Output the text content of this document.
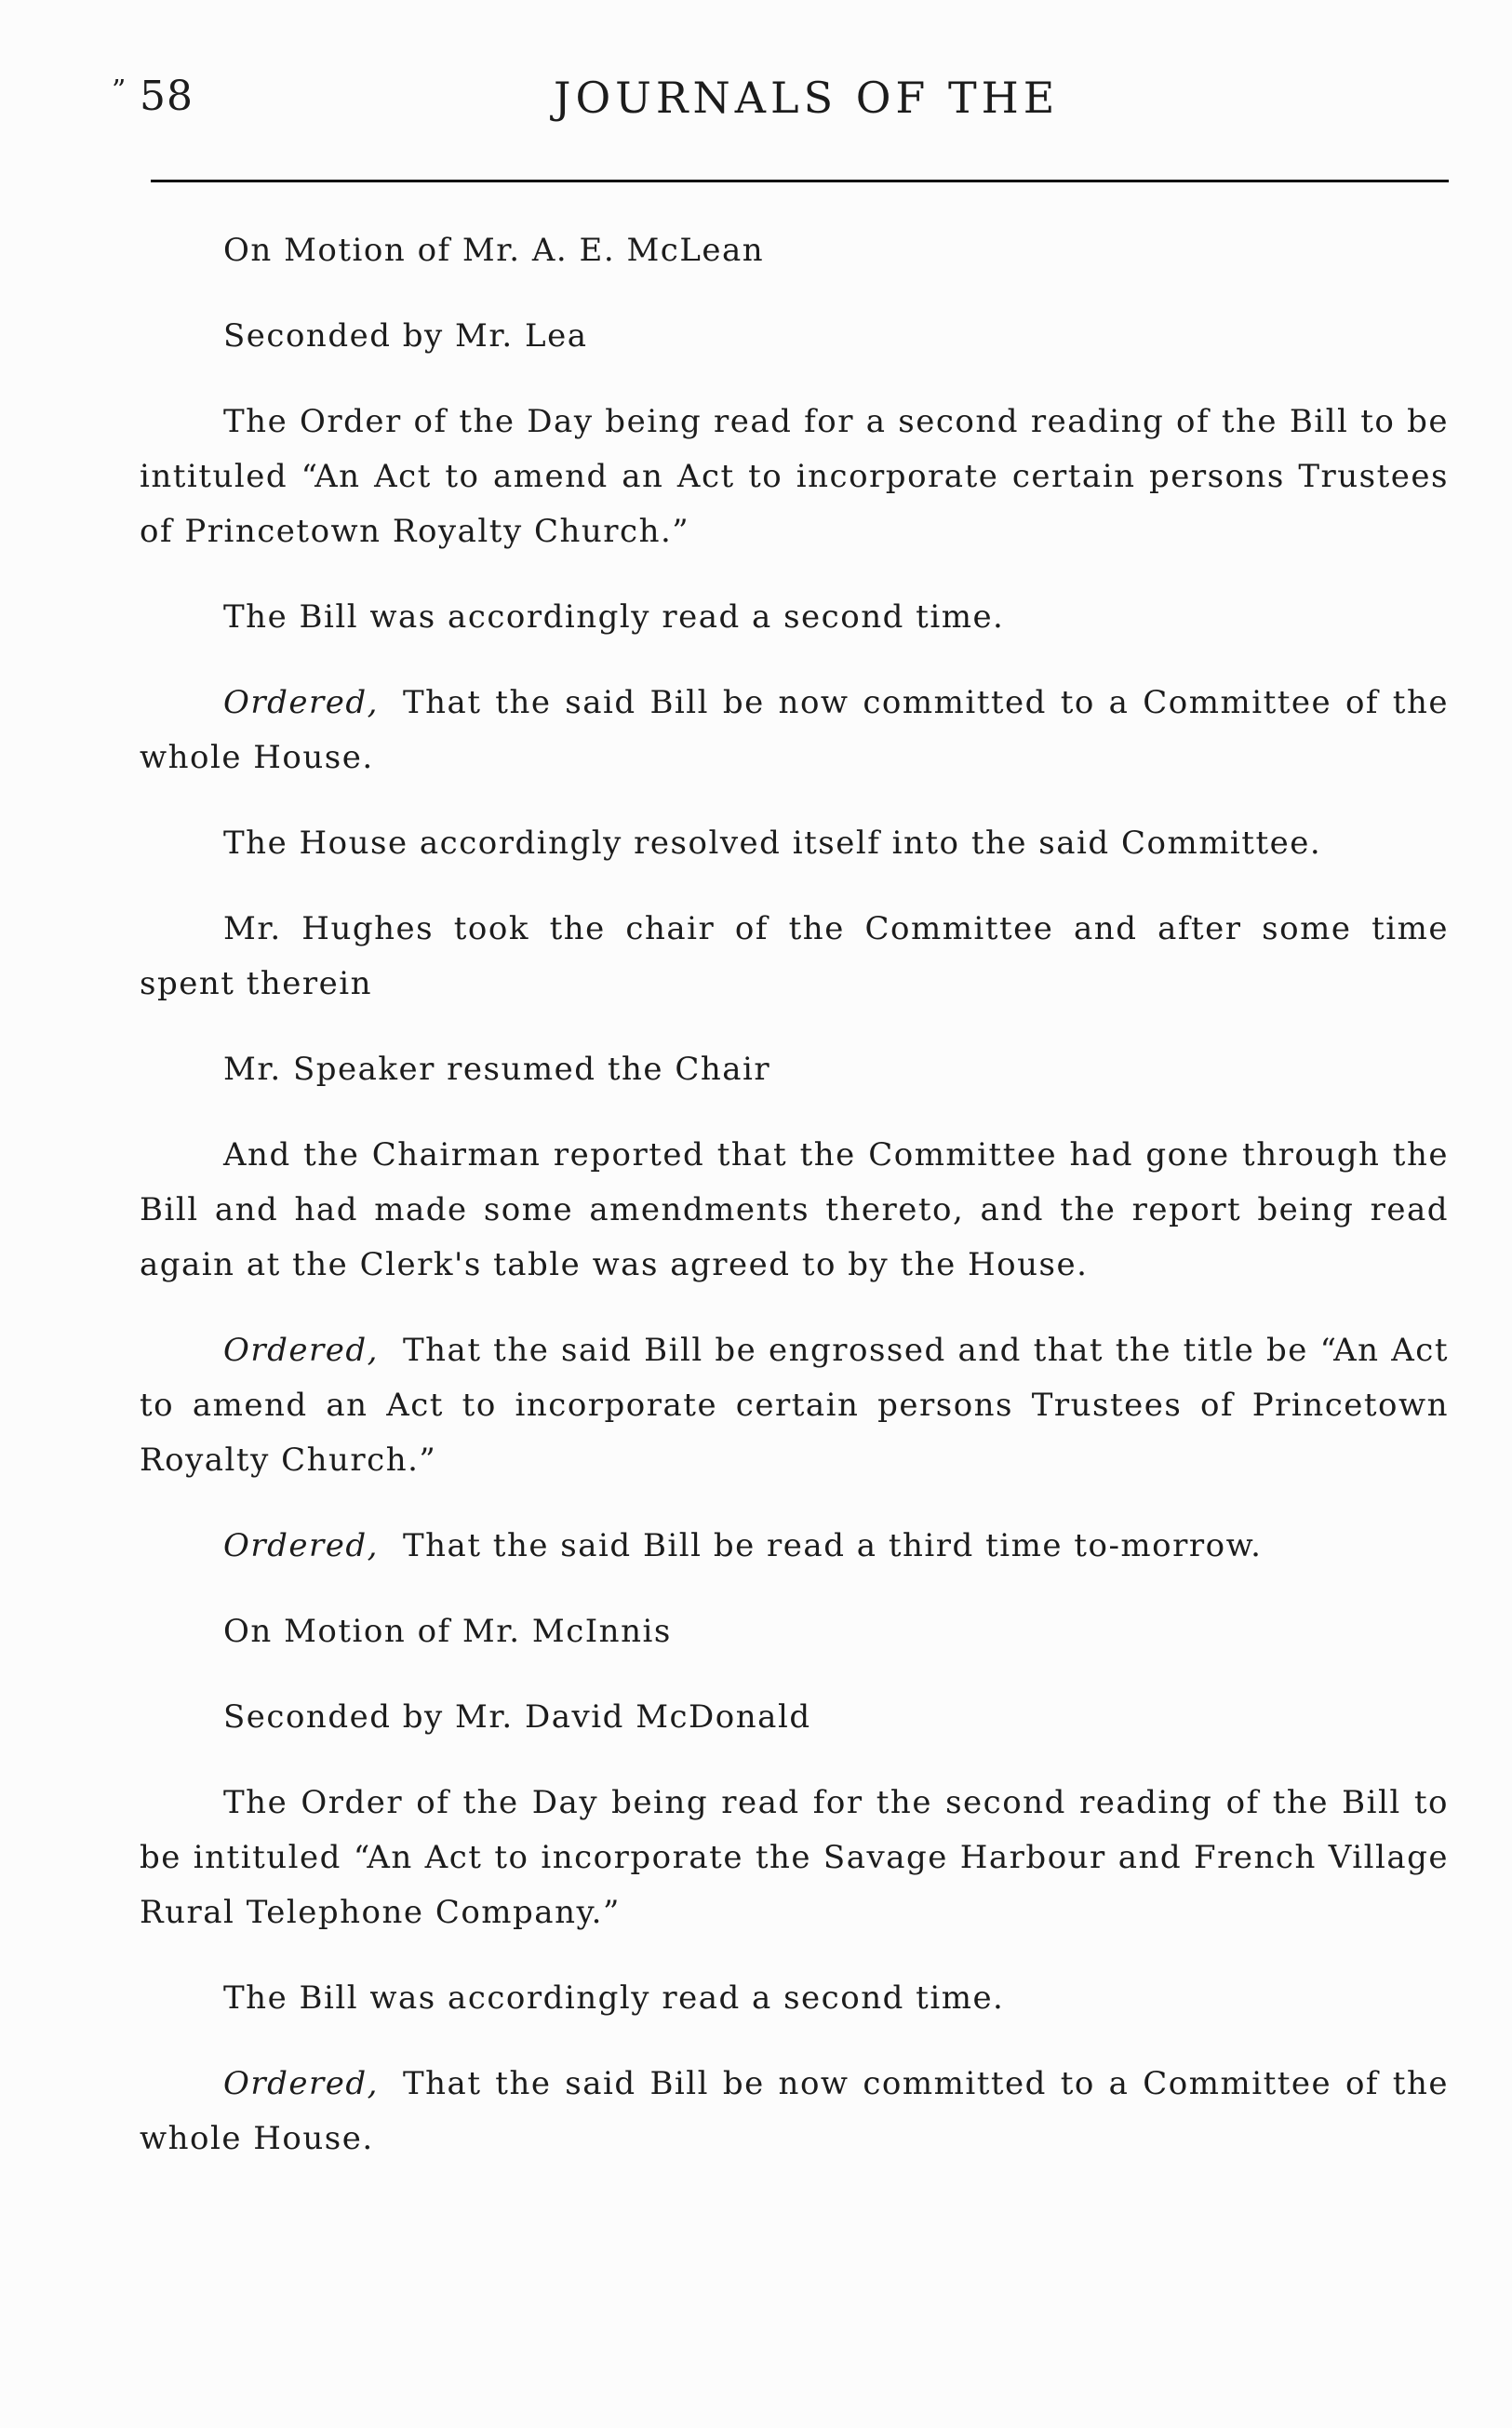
” 58	JOURNALS OF THE

On Motion of Mr. A. E. McLean

Seconded by Mr. Lea

The Order of the Day being read for a second reading of the Bill to be intituled “An Act to amend an Act to incorporate certain persons Trustees of Princetown Royalty Church.”

The Bill was accordingly read a second time.

Ordered, That the said Bill be now committed to a Committee of the whole House.

The House accordingly resolved itself into the said Committee.

Mr. Hughes took the chair of the Committee and after some time spent therein

Mr. Speaker resumed the Chair

And the Chairman reported that the Committee had gone through the Bill and had made some amendments thereto, and the report being read again at the Clerk's table was agreed to by the House.

Ordered, That the said Bill be engrossed and that the title be “An Act to amend an Act to incorporate certain persons Trustees of Princetown Royalty Church.”

Ordered, That the said Bill be read a third time to-morrow.

On Motion of Mr. McInnis

Seconded by Mr. David McDonald

The Order of the Day being read for the second reading of the Bill to be intituled “An Act to incorporate the Savage Harbour and French Village Rural Telephone Company.”

The Bill was accordingly read a second time.

Ordered, That the said Bill be now committed to a Committee of the whole House.
